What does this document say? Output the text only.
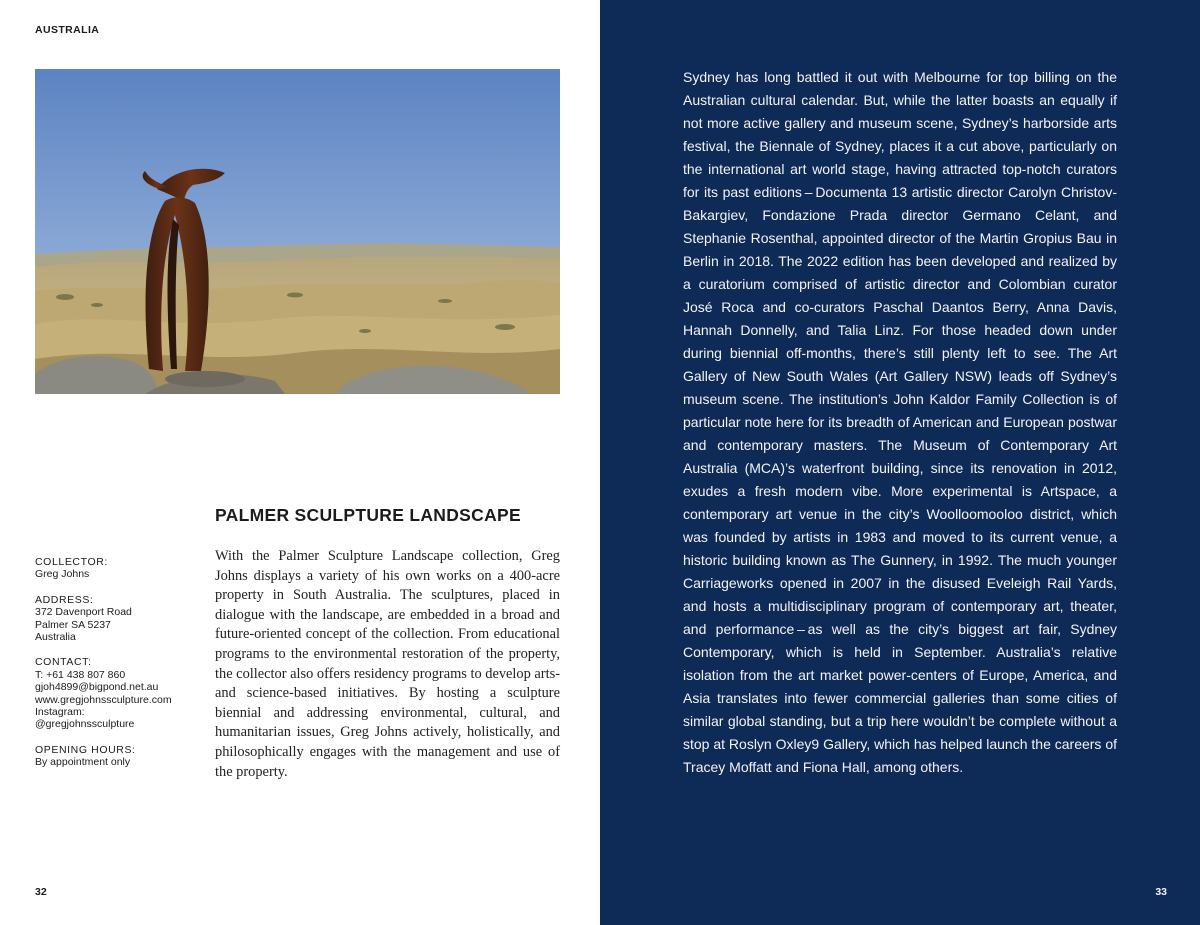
AUSTRALIA
PALMER SCULPTURE LANDSCAPE
COLLECTOR:
Greg Johns
ADDRESS:
372 Davenport Road
Palmer SA 5237
Australia
CONTACT:
T: +61 438 807 860
gjoh4899@bigpond.net.au
www.gregjohnssculpture.com
Instagram:
@gregjohnssculpture
OPENING HOURS:
By appointment only
With the Palmer Sculpture Landscape collection, Greg Johns displays a variety of his own works on a 400-acre property in South Australia. The sculptures, placed in dialogue with the landscape, are embedded in a broad and future-oriented concept of the collection. From educational programs to the environmental restoration of the property, the collector also offers residency programs to develop arts- and science-based initiatives. By hosting a sculpture biennial and addressing environmental, cultural, and humanitarian issues, Greg Johns actively, holistically, and philosophically engages with the management and use of the property.
32
Sydney has long battled it out with Melbourne for top billing on the Australian cultural calendar. But, while the latter boasts an equally if not more active gallery and museum scene, Sydney’s harborside arts festival, the Biennale of Sydney, places it a cut above, particularly on the international art world stage, having attracted top-notch curators for its past editions – Documenta 13 artistic director Carolyn Christov-Bakargiev, Fondazione Prada director Germano Celant, and Stephanie Rosenthal, appointed director of the Martin Gropius Bau in Berlin in 2018. The 2022 edition has been developed and realized by a curatorium comprised of artistic director and Colombian curator José Roca and co-curators Paschal Daantos Berry, Anna Davis, Hannah Donnelly, and Talia Linz. For those headed down under during biennial off-months, there’s still plenty left to see. The Art Gallery of New South Wales (Art Gallery NSW) leads off Sydney’s museum scene. The institution’s John Kaldor Family Collection is of particular note here for its breadth of American and European postwar and contemporary masters. The Museum of Contemporary Art Australia (MCA)’s waterfront building, since its renovation in 2012, exudes a fresh modern vibe. More experimental is Artspace, a contemporary art venue in the city’s Woolloomooloo district, which was founded by artists in 1983 and moved to its current venue, a historic building known as The Gunnery, in 1992. The much younger Carriageworks opened in 2007 in the disused Eveleigh Rail Yards, and hosts a multidisciplinary program of contemporary art, theater, and performance – as well as the city’s biggest art fair, Sydney Contemporary, which is held in September. Australia’s relative isolation from the art market power-centers of Europe, America, and Asia translates into fewer commercial galleries than some cities of similar global standing, but a trip here wouldn’t be complete without a stop at Roslyn Oxley9 Gallery, which has helped launch the careers of Tracey Moffatt and Fiona Hall, among others.
33
